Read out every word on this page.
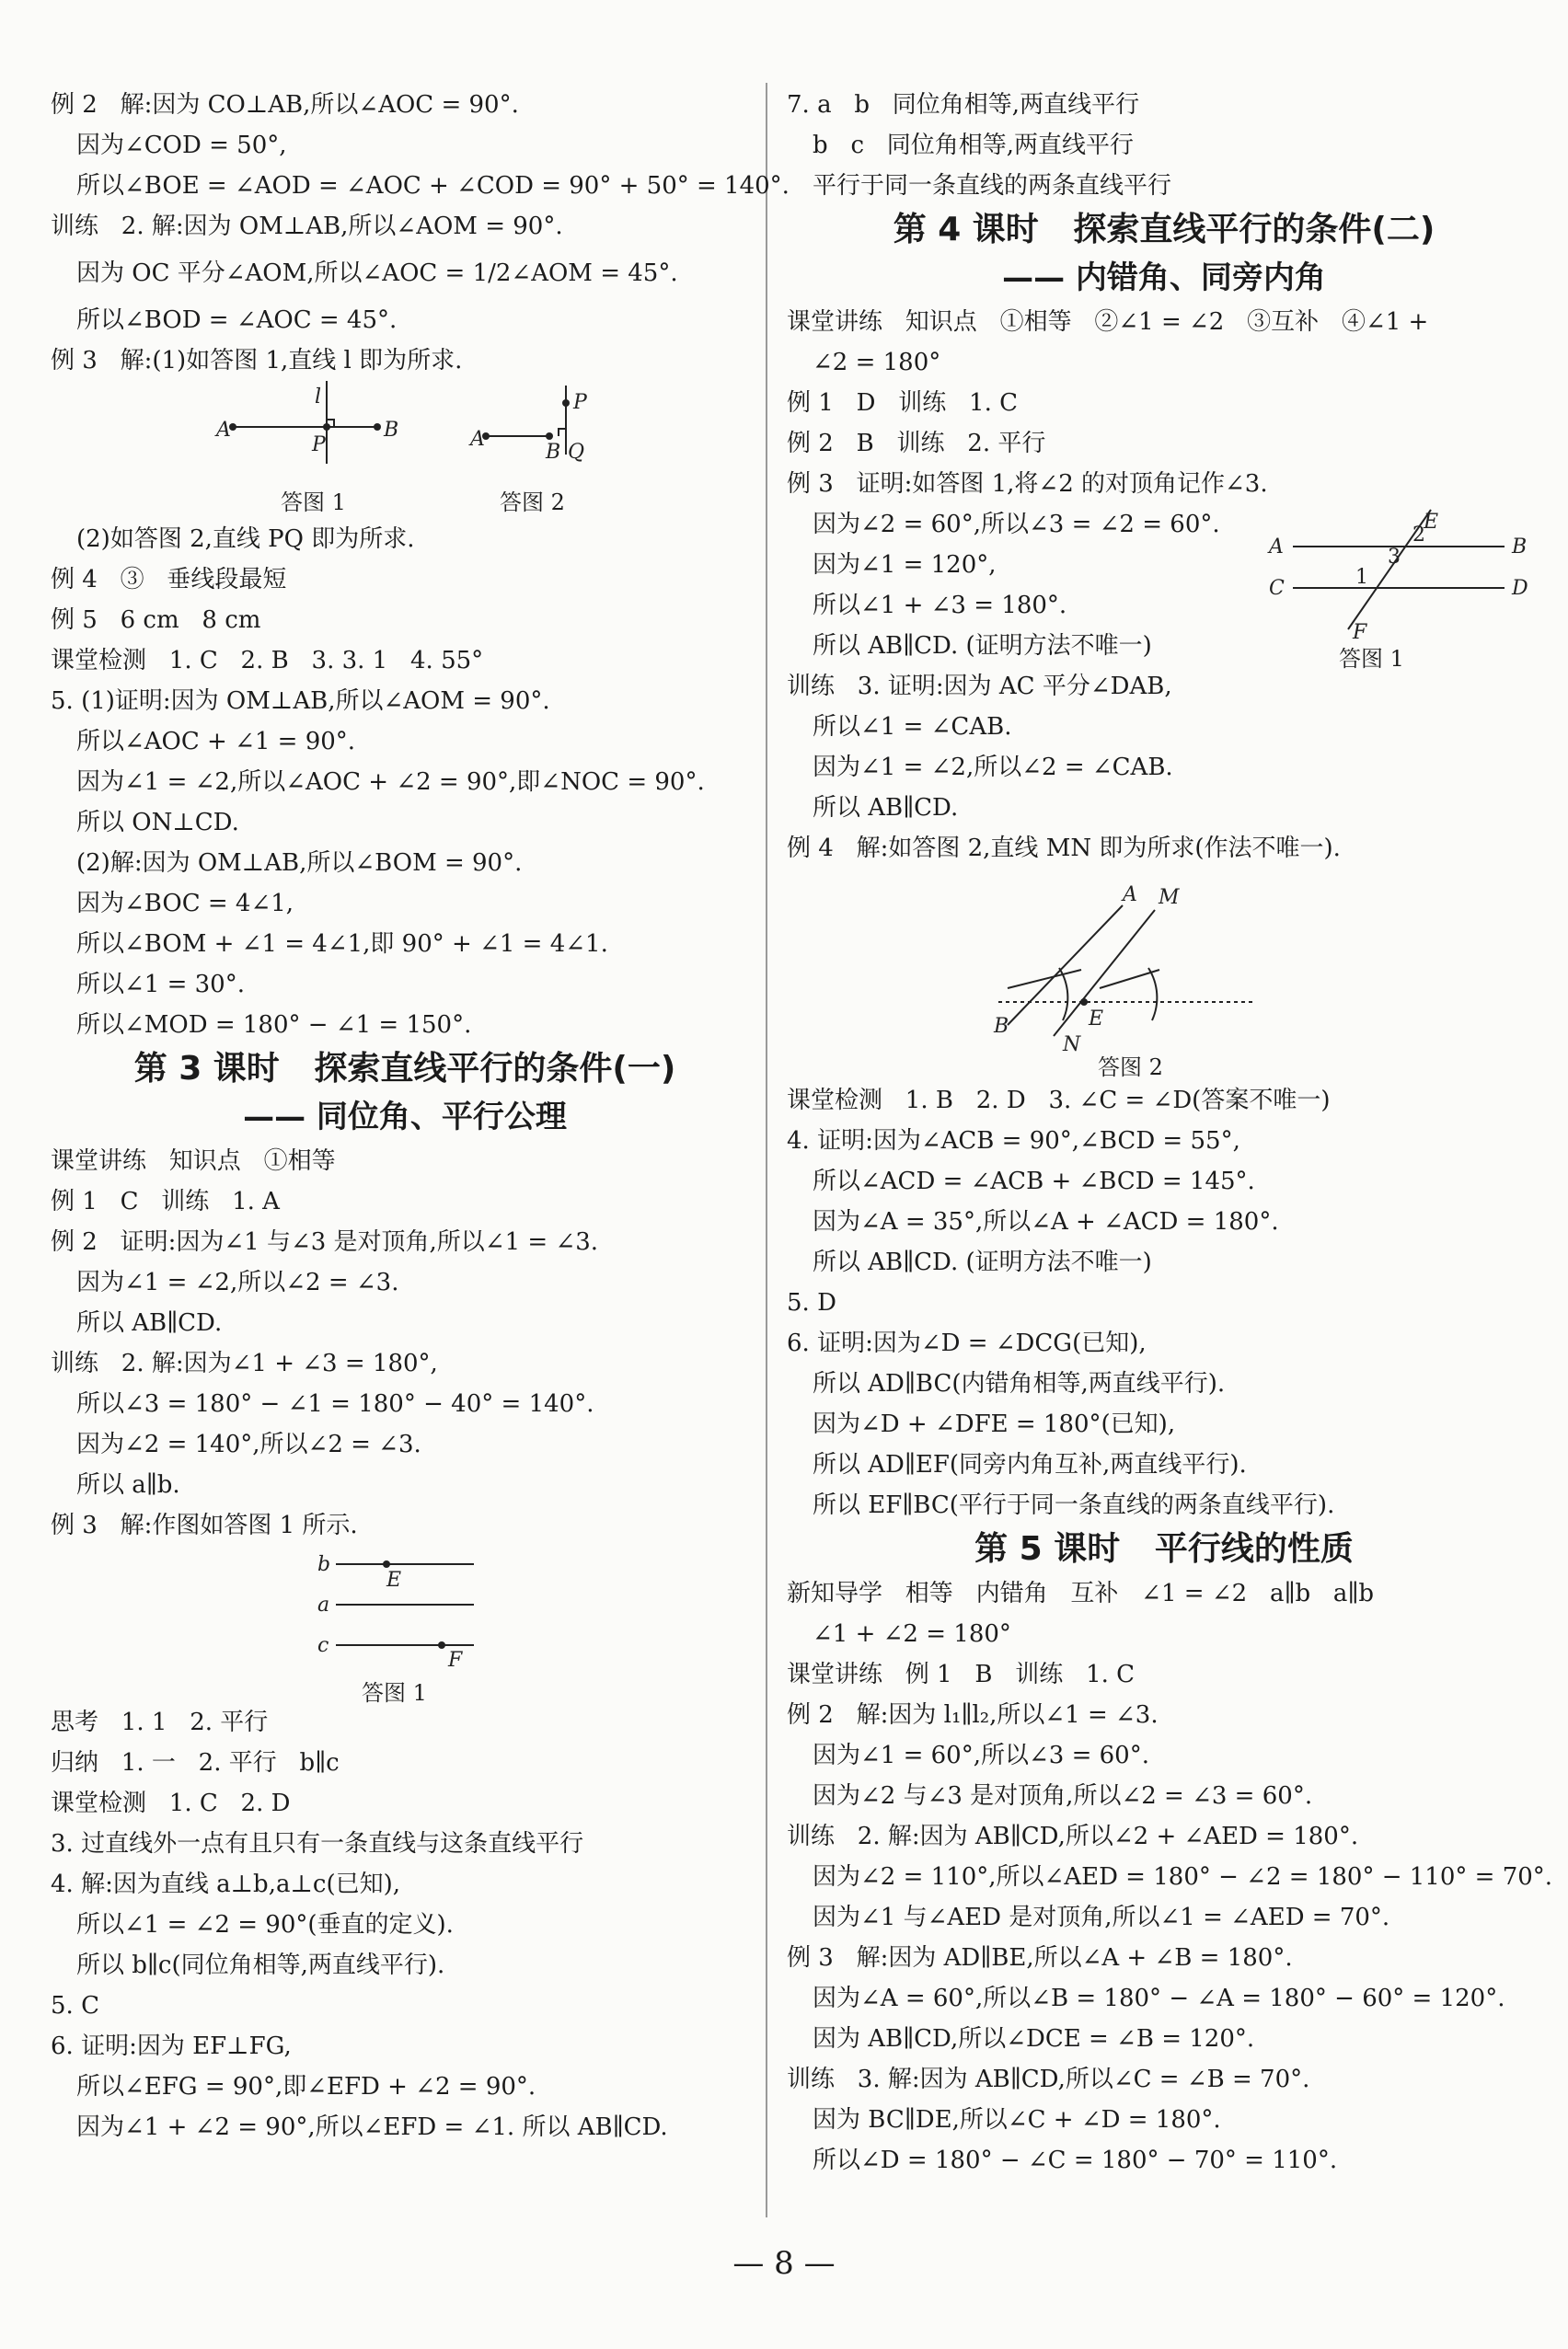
例 2   解:因为 CO⊥AB,所以∠AOC = 90°.
因为∠COD = 50°,
所以∠BOE = ∠AOD = ∠AOC + ∠COD = 90° + 50° = 140°.
训练   2. 解:因为 OM⊥AB,所以∠AOM = 90°.
因为 OC 平分∠AOM,所以∠AOC = 1/2∠AOM = 45°.
所以∠BOD = ∠AOC = 45°.
例 3   解:(1)如答图 1,直线 l 即为所求.
l
A
P
B
P
A
B Q
答图 1	答图 2
(2)如答图 2,直线 PQ 即为所求.
例 4   ③   垂线段最短
例 5   6 cm   8 cm
课堂检测   1. C   2. B   3. 3. 1   4. 55°
5. (1)证明:因为 OM⊥AB,所以∠AOM = 90°.
所以∠AOC + ∠1 = 90°.
因为∠1 = ∠2,所以∠AOC + ∠2 = 90°,即∠NOC = 90°.
所以 ON⊥CD.
(2)解:因为 OM⊥AB,所以∠BOM = 90°.
因为∠BOC = 4∠1,
所以∠BOM + ∠1 = 4∠1,即 90° + ∠1 = 4∠1.
所以∠1 = 30°.
所以∠MOD = 180° − ∠1 = 150°.
第 3 课时   探索直线平行的条件(一)
—— 同位角、平行公理
课堂讲练   知识点   ①相等
例 1   C   训练   1. A
例 2   证明:因为∠1 与∠3 是对顶角,所以∠1 = ∠3.
因为∠1 = ∠2,所以∠2 = ∠3.
所以 AB∥CD.
训练   2. 解:因为∠1 + ∠3 = 180°,
所以∠3 = 180° − ∠1 = 180° − 40° = 140°.
因为∠2 = 140°,所以∠2 = ∠3.
所以 a∥b.
例 3   解:作图如答图 1 所示.
b
E
a
c
F
答图 1
思考   1. 1   2. 平行
归纳   1. 一   2. 平行   b∥c
课堂检测   1. C   2. D
3. 过直线外一点有且只有一条直线与这条直线平行
4. 解:因为直线 a⊥b,a⊥c(已知),
所以∠1 = ∠2 = 90°(垂直的定义).
所以 b∥c(同位角相等,两直线平行).
5. C
6. 证明:因为 EF⊥FG,
所以∠EFG = 90°,即∠EFD + ∠2 = 90°.
因为∠1 + ∠2 = 90°,所以∠EFD = ∠1. 所以 AB∥CD.
7. a   b   同位角相等,两直线平行
b   c   同位角相等,两直线平行
平行于同一条直线的两条直线平行
第 4 课时   探索直线平行的条件(二)
—— 内错角、同旁内角
课堂讲练   知识点   ①相等   ②∠1 = ∠2   ③互补   ④∠1 +
∠2 = 180°
例 1   D   训练   1. C
例 2   B   训练   2. 平行
例 3   证明:如答图 1,将∠2 的对顶角记作∠3.
因为∠2 = 60°,所以∠3 = ∠2 = 60°.
因为∠1 = 120°,
所以∠1 + ∠3 = 180°.
所以 AB∥CD. (证明方法不唯一)
E
A	3
2
B
C	1	D
F
答图 1
训练   3. 证明:因为 AC 平分∠DAB,
所以∠1 = ∠CAB.
因为∠1 = ∠2,所以∠2 = ∠CAB.
所以 AB∥CD.
例 4   解:如答图 2,直线 MN 即为所求(作法不唯一).
A M
B	E
N
答图 2
课堂检测   1. B   2. D   3. ∠C = ∠D(答案不唯一)
4. 证明:因为∠ACB = 90°,∠BCD = 55°,
所以∠ACD = ∠ACB + ∠BCD = 145°.
因为∠A = 35°,所以∠A + ∠ACD = 180°.
所以 AB∥CD. (证明方法不唯一)
5. D
6. 证明:因为∠D = ∠DCG(已知),
所以 AD∥BC(内错角相等,两直线平行).
因为∠D + ∠DFE = 180°(已知),
所以 AD∥EF(同旁内角互补,两直线平行).
所以 EF∥BC(平行于同一条直线的两条直线平行).
第 5 课时   平行线的性质
新知导学   相等   内错角   互补   ∠1 = ∠2   a∥b   a∥b
∠1 + ∠2 = 180°
课堂讲练   例 1   B   训练   1. C
例 2   解:因为 l₁∥l₂,所以∠1 = ∠3.
因为∠1 = 60°,所以∠3 = 60°.
因为∠2 与∠3 是对顶角,所以∠2 = ∠3 = 60°.
训练   2. 解:因为 AB∥CD,所以∠2 + ∠AED = 180°.
因为∠2 = 110°,所以∠AED = 180° − ∠2 = 180° − 110° = 70°.
因为∠1 与∠AED 是对顶角,所以∠1 = ∠AED = 70°.
例 3   解:因为 AD∥BE,所以∠A + ∠B = 180°.
因为∠A = 60°,所以∠B = 180° − ∠A = 180° − 60° = 120°.
因为 AB∥CD,所以∠DCE = ∠B = 120°.
训练   3. 解:因为 AB∥CD,所以∠C = ∠B = 70°.
因为 BC∥DE,所以∠C + ∠D = 180°.
所以∠D = 180° − ∠C = 180° − 70° = 110°.
— 8 —
